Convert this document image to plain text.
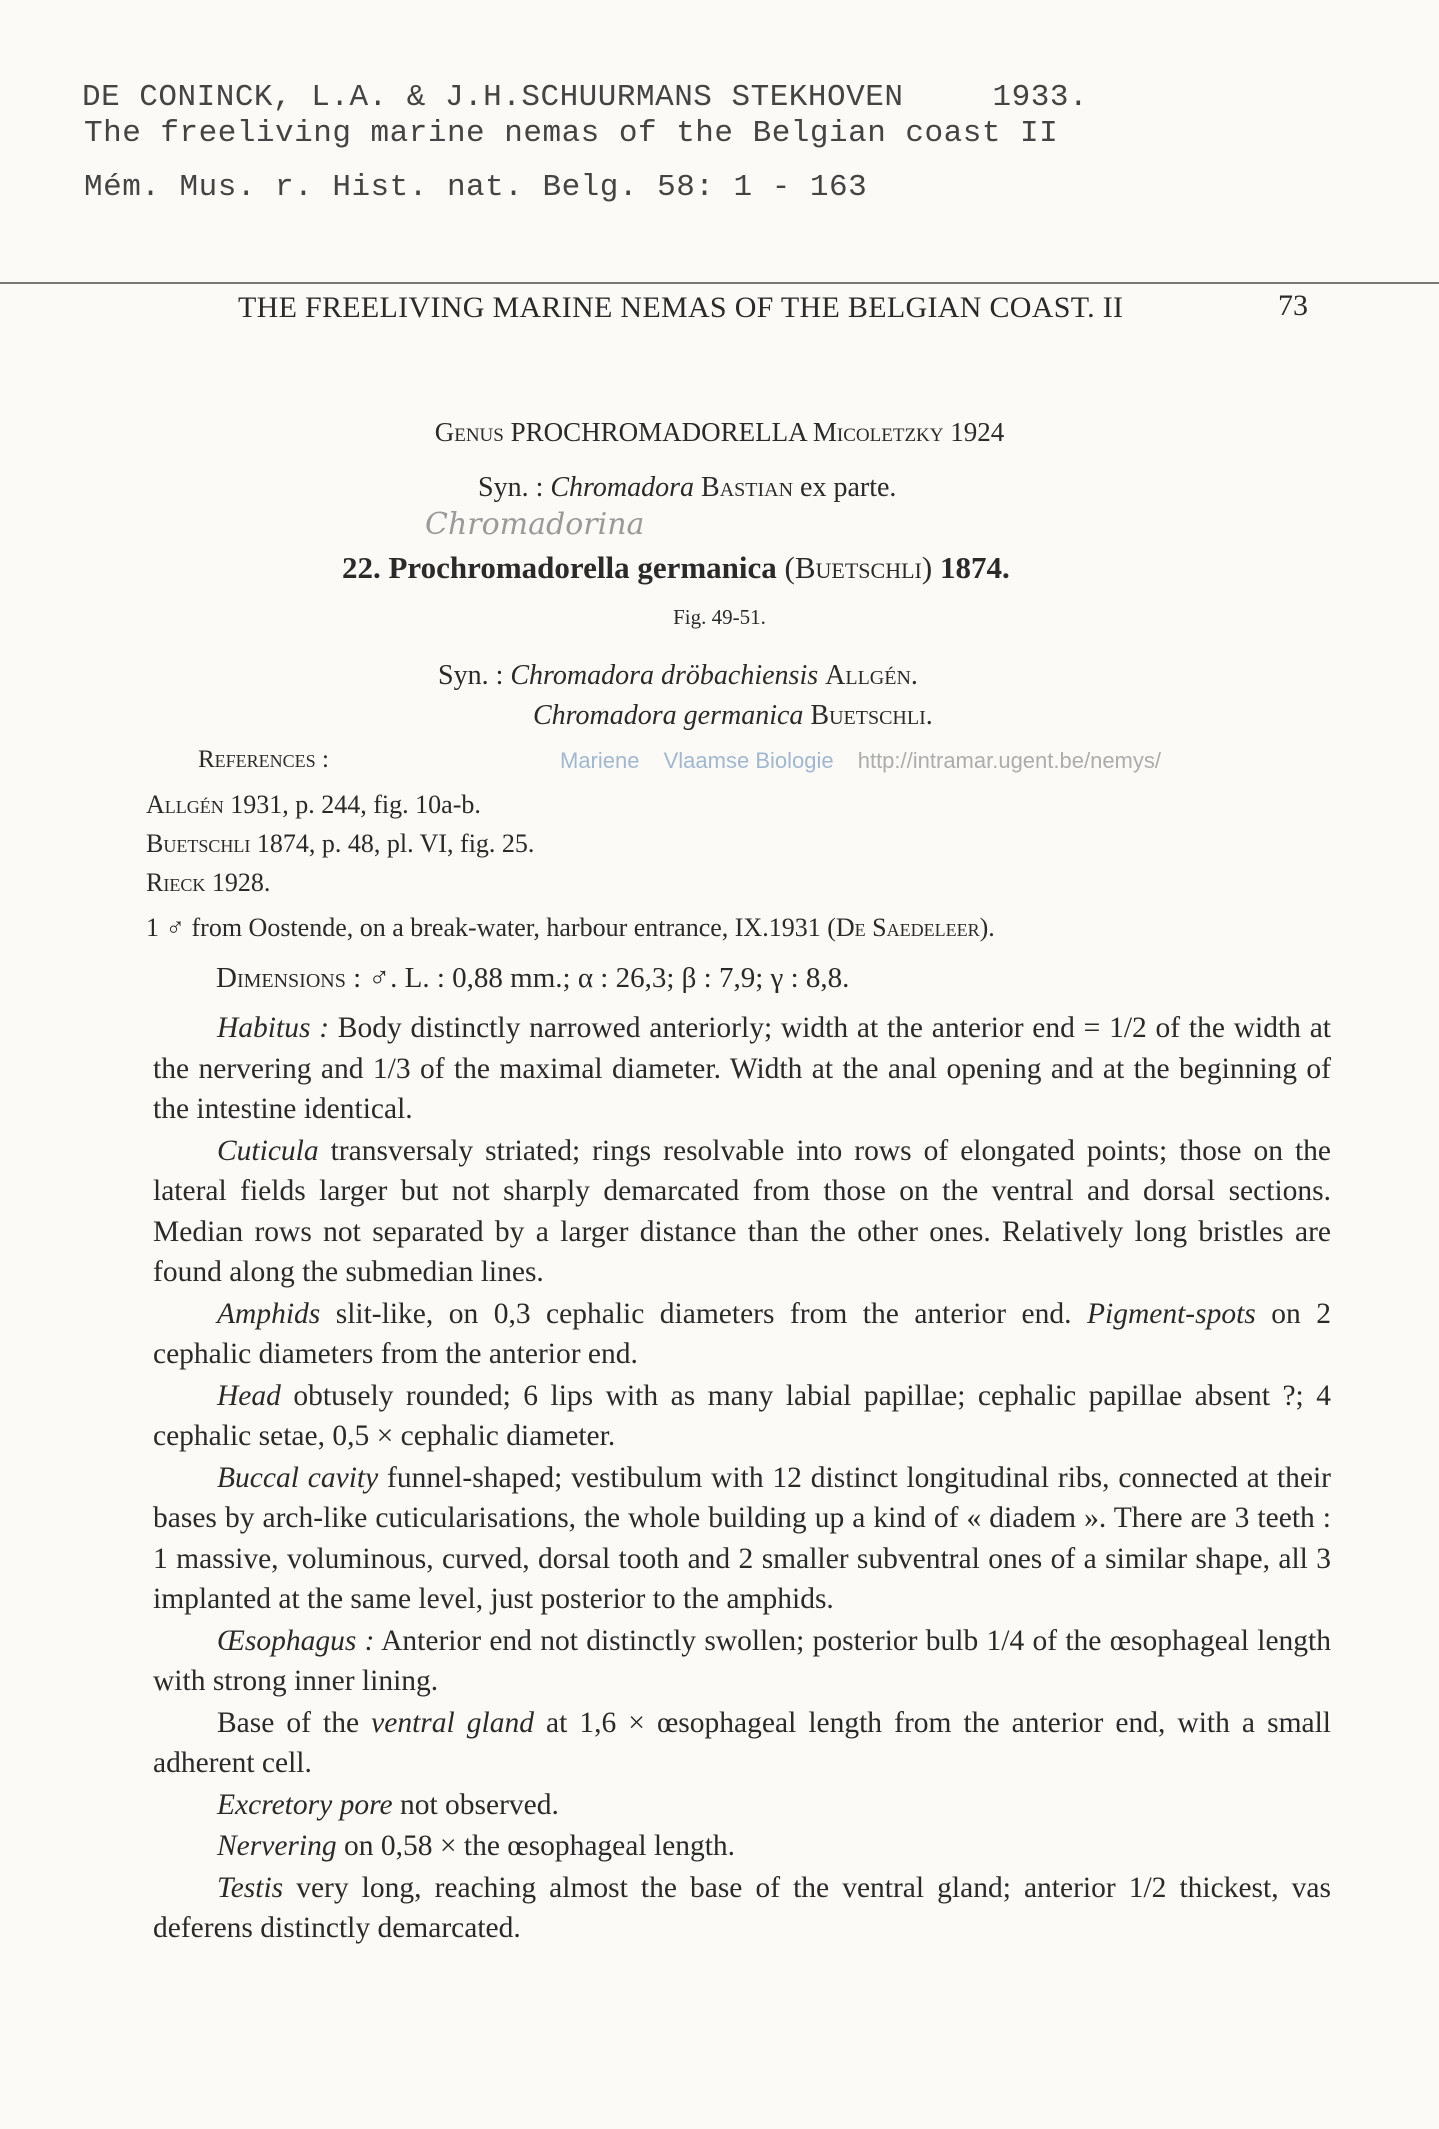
DE CONINCK, L.A. & J.H.SCHUURMANS STEKHOVEN	1933.
The freeliving marine nemas of the Belgian coast II
Mém. Mus. r. Hist. nat. Belg. 58: 1 - 163
THE FREELIVING MARINE NEMAS OF THE BELGIAN COAST. II	73
Genus PROCHROMADORELLA Micoletzky 1924
Syn. : Chromadora Bastian ex parte.
Chromadorina
22. Prochromadorella germanica (Buetschli) 1874.
Fig. 49-51.
Syn. : Chromadora dröbachiensis Allgén.
Chromadora germanica Buetschli.
References :	Mariene Vlaamse Biologie http://intramar.ugent.be/nemys/
Allgén 1931, p. 244, fig. 10a-b.
Buetschli 1874, p. 48, pl. VI, fig. 25.
Rieck 1928.
1 ♂ from Oostende, on a break-water, harbour entrance, IX.1931 (De Saedeleer).
Dimensions : ♂. L. : 0,88 mm.; α : 26,3; β : 7,9; γ : 8,8.

Habitus : Body distinctly narrowed anteriorly; width at the anterior end = 1/2 of the width at the nervering and 1/3 of the maximal diameter. Width at the anal opening and at the beginning of the intestine identical.

Cuticula transversaly striated; rings resolvable into rows of elongated points; those on the lateral fields larger but not sharply demarcated from those on the ventral and dorsal sections. Median rows not separated by a larger distance than the other ones. Relatively long bristles are found along the submedian lines.

Amphids slit-like, on 0,3 cephalic diameters from the anterior end. Pigment-spots on 2 cephalic diameters from the anterior end.

Head obtusely rounded; 6 lips with as many labial papillae; cephalic papillae absent ?; 4 cephalic setae, 0,5 × cephalic diameter.

Buccal cavity funnel-shaped; vestibulum with 12 distinct longitudinal ribs, connected at their bases by arch-like cuticularisations, the whole building up a kind of « diadem ». There are 3 teeth : 1 massive, voluminous, curved, dorsal tooth and 2 smaller subventral ones of a similar shape, all 3 implanted at the same level, just posterior to the amphids.

Œsophagus : Anterior end not distinctly swollen; posterior bulb 1/4 of the œsophageal length with strong inner lining.

Base of the ventral gland at 1,6 × œsophageal length from the anterior end, with a small adherent cell.

Excretory pore not observed.

Nervering on 0,58 × the œsophageal length.

Testis very long, reaching almost the base of the ventral gland; anterior 1/2 thickest, vas deferens distinctly demarcated.
